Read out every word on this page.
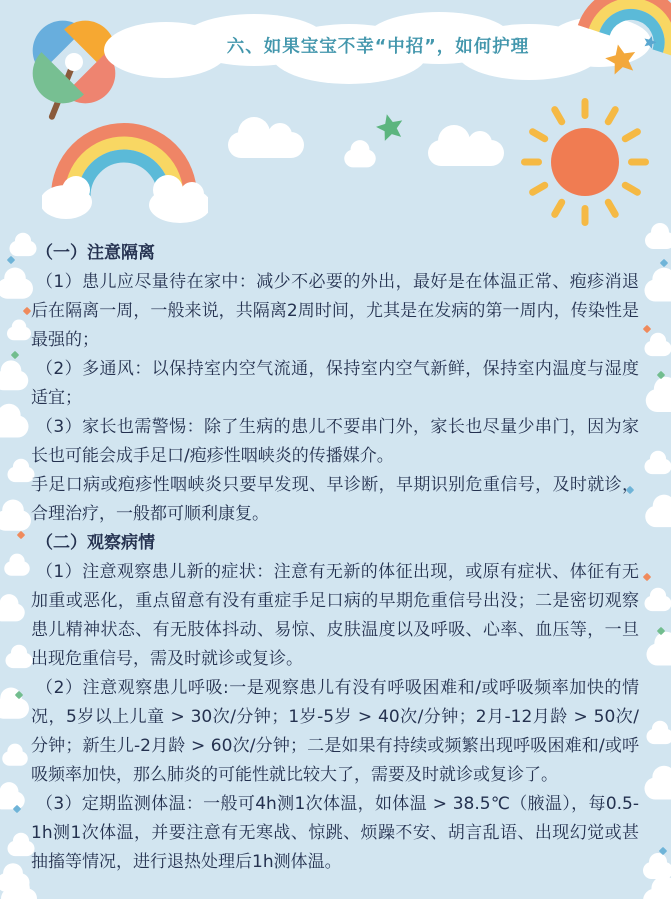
六、如果宝宝不幸“中招”，如何护理

（一）注意隔离

（1）患儿应尽量待在家中：减少不必要的外出，最好是在体温正常、疱疹消退后在隔离一周，一般来说，共隔离2周时间，尤其是在发病的第一周内，传染性是最强的；

（2）多通风：以保持室内空气流通，保持室内空气新鲜，保持室内温度与湿度适宜；

（3）家长也需警惕：除了生病的患儿不要串门外，家长也尽量少串门，因为家长也可能会成手足口/疱疹性咽峡炎的传播媒介。

手足口病或疱疹性咽峡炎只要早发现、早诊断，早期识别危重信号，及时就诊，合理治疗，一般都可顺利康复。

（二）观察病情

（1）注意观察患儿新的症状：注意有无新的体征出现，或原有症状、体征有无加重或恶化，重点留意有没有重症手足口病的早期危重信号出没；二是密切观察患儿精神状态、有无肢体抖动、易惊、皮肤温度以及呼吸、心率、血压等，一旦出现危重信号，需及时就诊或复诊。

（2）注意观察患儿呼吸:一是观察患儿有没有呼吸困难和/或呼吸频率加快的情况，5岁以上儿童 > 30次/分钟；1岁-5岁 > 40次/分钟；2月-12月龄 > 50次/分钟；新生儿-2月龄 > 60次/分钟；二是如果有持续或频繁出现呼吸困难和/或呼吸频率加快，那么肺炎的可能性就比较大了，需要及时就诊或复诊了。

（3）定期监测体温：一般可4h测1次体温，如体温 > 38.5℃（腋温），每0.5-1h测1次体温，并要注意有无寒战、惊跳、烦躁不安、胡言乱语、出现幻觉或甚抽搐等情况，进行退热处理后1h测体温。
